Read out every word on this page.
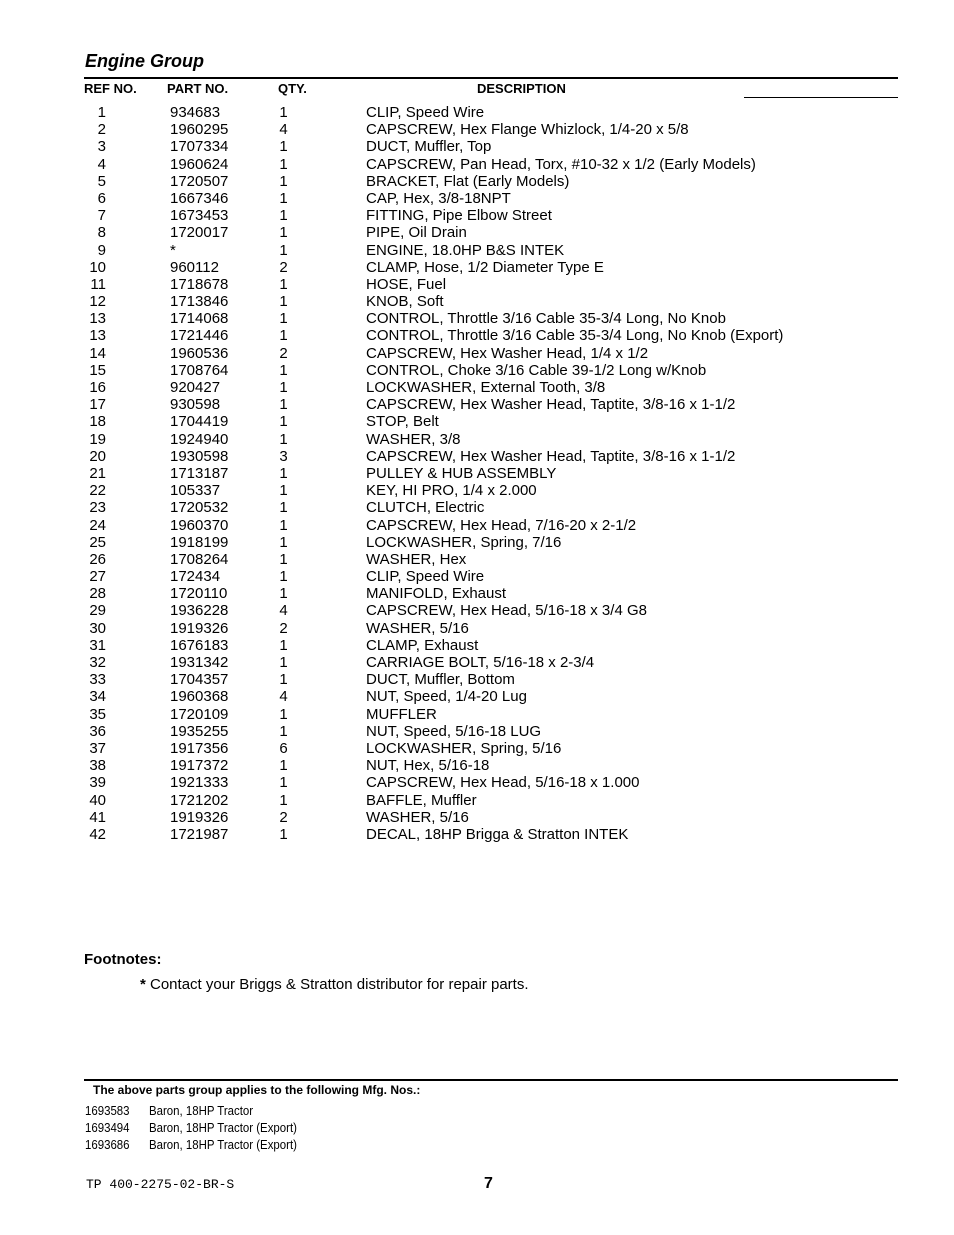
Engine Group
REF NO. PART NO.	QTY.	DESCRIPTION
1	934683	1	CLIP, Speed Wire
2	1960295	4	CAPSCREW, Hex Flange Whizlock, 1/4-20 x 5/8
3	1707334	1	DUCT, Muffler, Top
4	1960624	1	CAPSCREW, Pan Head, Torx, #10-32 x 1/2 (Early Models)
5	1720507	1	BRACKET, Flat (Early Models)
6	1667346	1	CAP, Hex, 3/8-18NPT
7	1673453	1	FITTING, Pipe Elbow Street
8	1720017	1	PIPE, Oil Drain
9	*	1	ENGINE, 18.0HP B&S INTEK
10	960112	2	CLAMP, Hose, 1/2 Diameter Type E
11	1718678	1	HOSE, Fuel
12	1713846	1	KNOB, Soft
13	1714068	1	CONTROL, Throttle 3/16 Cable 35-3/4 Long, No Knob
13	1721446	1	CONTROL, Throttle 3/16 Cable 35-3/4 Long, No Knob (Export)
14	1960536	2	CAPSCREW, Hex Washer Head, 1/4 x 1/2
15	1708764	1	CONTROL, Choke 3/16 Cable 39-1/2 Long w/Knob
16	920427	1	LOCKWASHER, External Tooth, 3/8
17	930598	1	CAPSCREW, Hex Washer Head, Taptite, 3/8-16 x 1-1/2
18	1704419	1	STOP, Belt
19	1924940	1	WASHER, 3/8
20	1930598	3	CAPSCREW, Hex Washer Head, Taptite, 3/8-16 x 1-1/2
21	1713187	1	PULLEY & HUB ASSEMBLY
22	105337	1	KEY, HI PRO, 1/4 x 2.000
23	1720532	1	CLUTCH, Electric
24	1960370	1	CAPSCREW, Hex Head, 7/16-20 x 2-1/2
25	1918199	1	LOCKWASHER, Spring, 7/16
26	1708264	1	WASHER, Hex
27	172434	1	CLIP, Speed Wire
28	1720110	1	MANIFOLD, Exhaust
29	1936228	4	CAPSCREW, Hex Head, 5/16-18 x 3/4 G8
30	1919326	2	WASHER, 5/16
31	1676183	1	CLAMP, Exhaust
32	1931342	1	CARRIAGE BOLT, 5/16-18 x 2-3/4
33	1704357	1	DUCT, Muffler, Bottom
34	1960368	4	NUT, Speed, 1/4-20 Lug
35	1720109	1	MUFFLER
36	1935255	1	NUT, Speed, 5/16-18 LUG
37	1917356	6	LOCKWASHER, Spring, 5/16
38	1917372	1	NUT, Hex, 5/16-18
39	1921333	1	CAPSCREW, Hex Head, 5/16-18 x 1.000
40	1721202	1	BAFFLE, Muffler
41	1919326	2	WASHER, 5/16
42	1721987	1	DECAL, 18HP Brigga & Stratton INTEK
Footnotes:
* Contact your Briggs & Stratton distributor for repair parts.
The above parts group applies to the following Mfg. Nos.:
1693583 Baron, 18HP Tractor
1693494 Baron, 18HP Tractor (Export)
1693686 Baron, 18HP Tractor (Export)
TP 400-2275-02-BR-S	7
